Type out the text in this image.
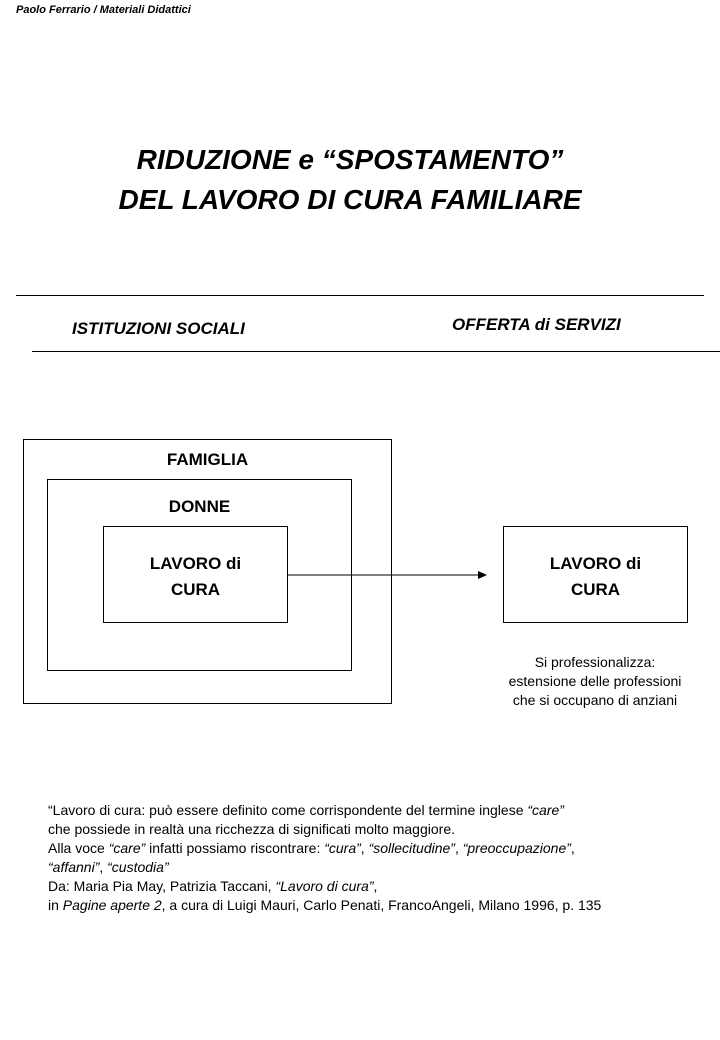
Paolo Ferrario / Materiali Didattici
RIDUZIONE e “SPOSTAMENTO”
DEL LAVORO DI CURA FAMILIARE
ISTITUZIONI SOCIALI	OFFERTA di SERVIZI
FAMIGLIA
DONNE
LAVORO di
CURA
LAVORO di
CURA
Si professionalizza:
estensione delle professioni
che si occupano di anziani
“Lavoro di cura: può essere definito come corrispondente del termine inglese “care”
che possiede in realtà una ricchezza di significati molto maggiore.
Alla voce “care” infatti possiamo riscontrare: “cura”, “sollecitudine”, “preoccupazione”,
“affanni”, “custodia”
Da: Maria Pia May, Patrizia Taccani, “Lavoro di cura”,
in Pagine aperte 2, a cura di Luigi Mauri, Carlo Penati, FrancoAngeli, Milano 1996, p. 135
